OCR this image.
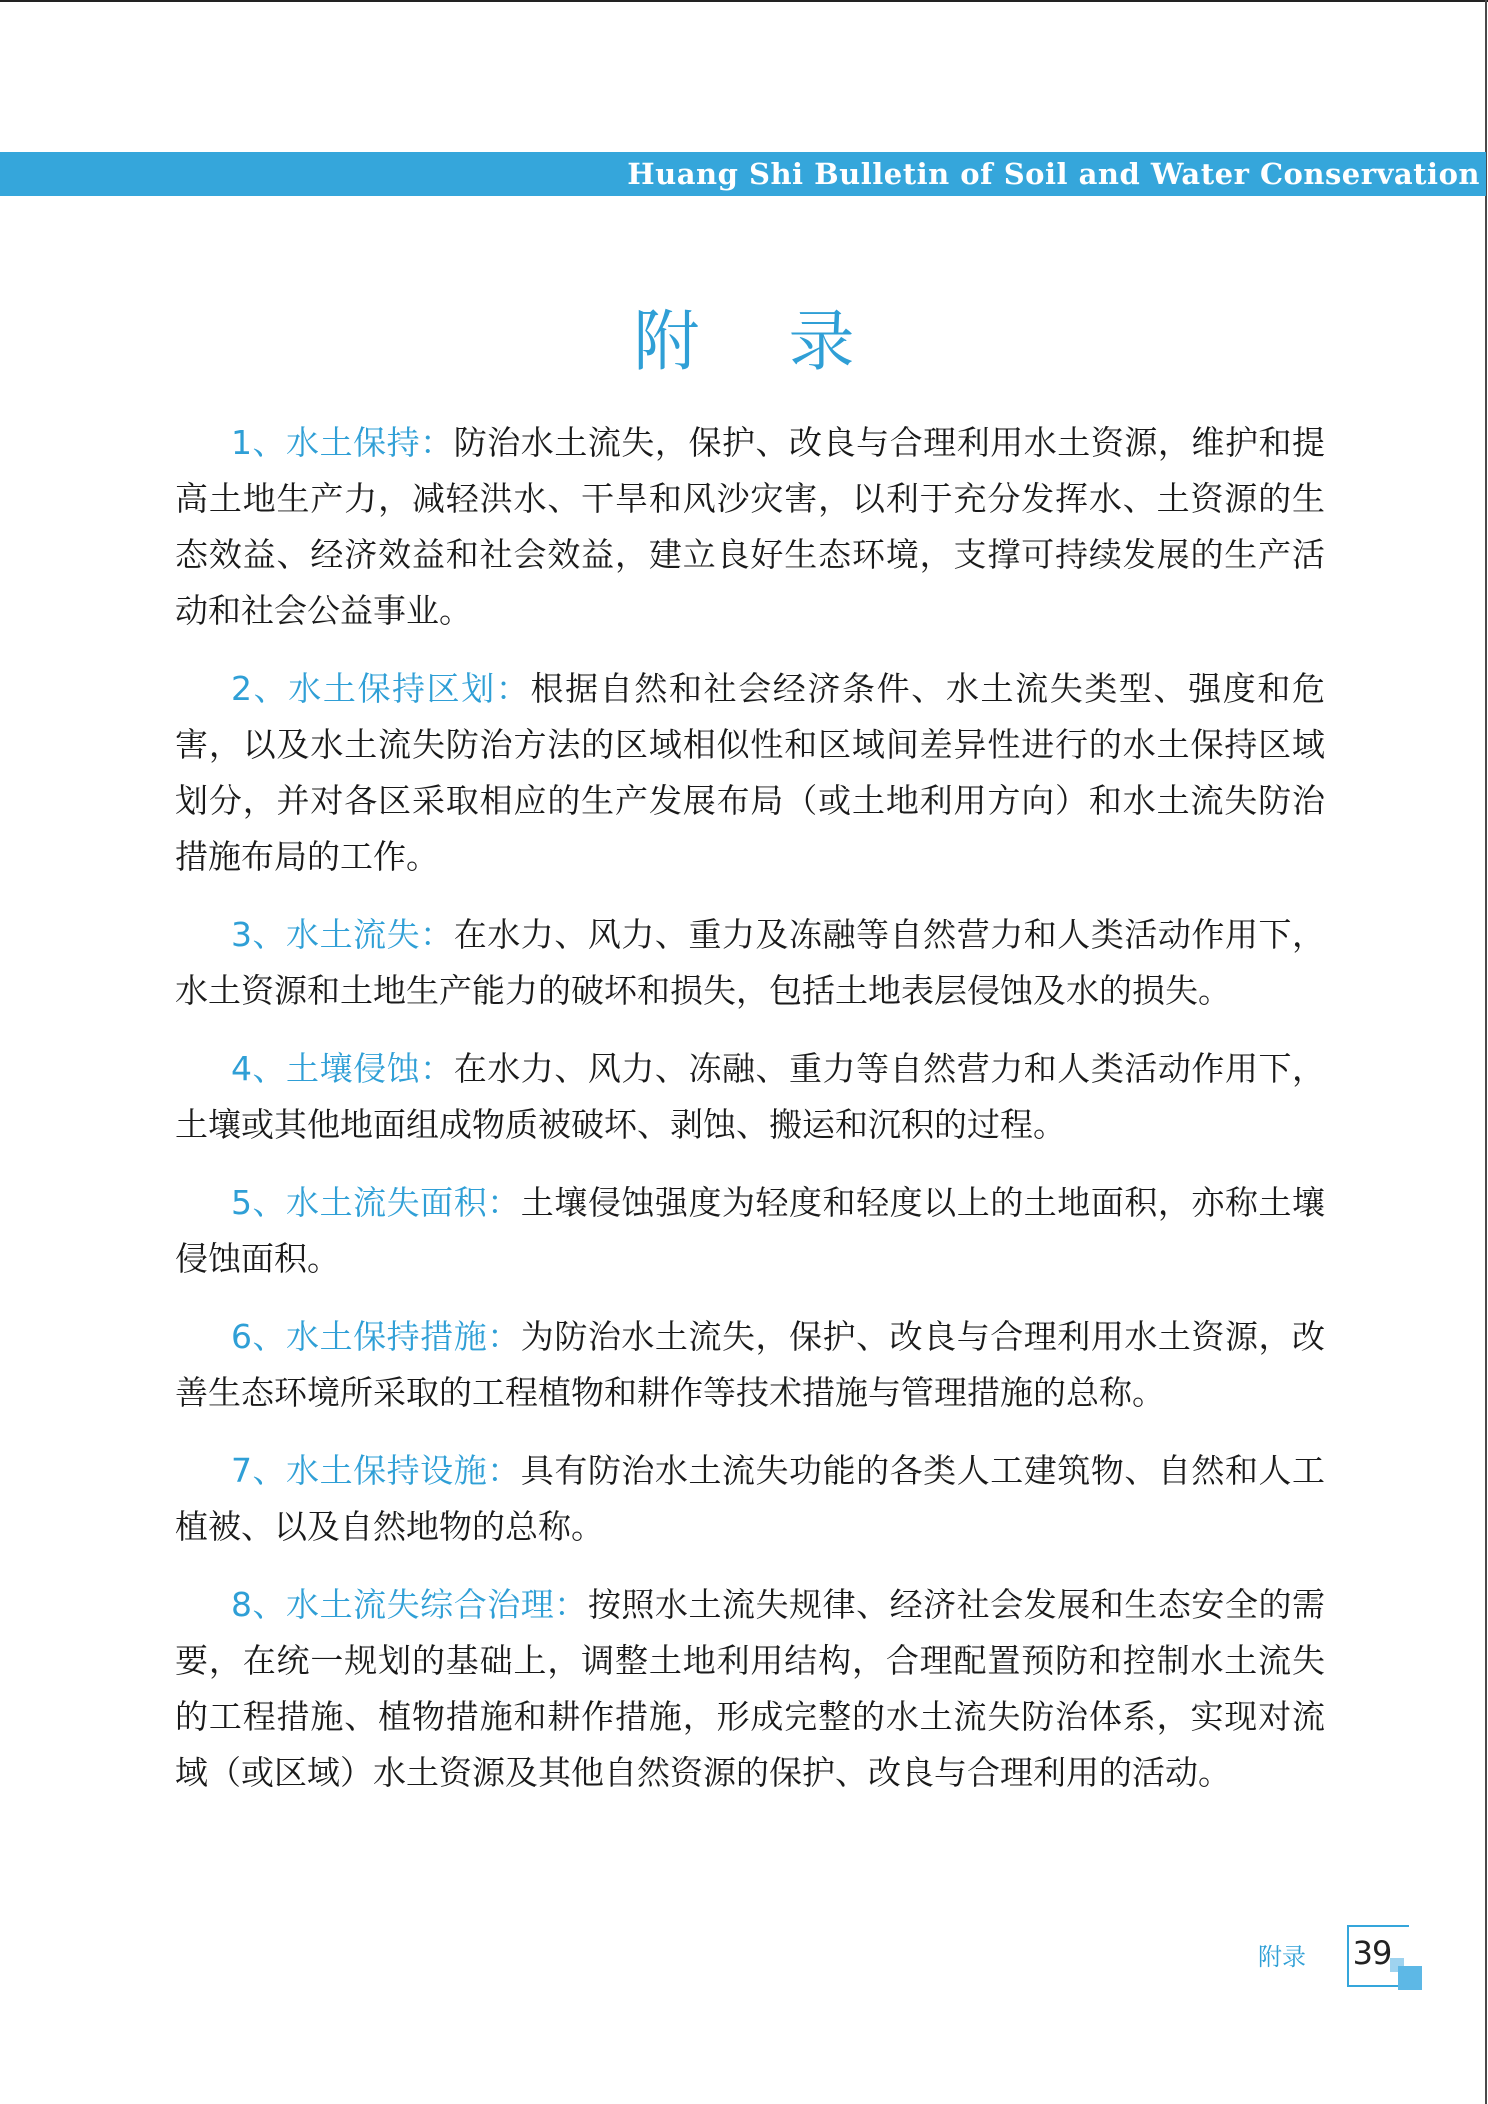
Huang Shi Bulletin of Soil and Water Conservation
附 录

1、水土保持：防治水土流失，保护、改良与合理利用水土资源，维护和提高土地生产力，减轻洪水、干旱和风沙灾害，以利于充分发挥水、土资源的生态效益、经济效益和社会效益，建立良好生态环境，支撑可持续发展的生产活动和社会公益事业。

2、水土保持区划：根据自然和社会经济条件、水土流失类型、强度和危害，以及水土流失防治方法的区域相似性和区域间差异性进行的水土保持区域划分，并对各区采取相应的生产发展布局（或土地利用方向）和水土流失防治措施布局的工作。

3、水土流失：在水力、风力、重力及冻融等自然营力和人类活动作用下，水土资源和土地生产能力的破坏和损失，包括土地表层侵蚀及水的损失。

4、土壤侵蚀：在水力、风力、冻融、重力等自然营力和人类活动作用下，土壤或其他地面组成物质被破坏、剥蚀、搬运和沉积的过程。

5、水土流失面积：土壤侵蚀强度为轻度和轻度以上的土地面积，亦称土壤侵蚀面积。

6、水土保持措施：为防治水土流失，保护、改良与合理利用水土资源，改善生态环境所采取的工程植物和耕作等技术措施与管理措施的总称。

7、水土保持设施：具有防治水土流失功能的各类人工建筑物、自然和人工植被、以及自然地物的总称。

8、水土流失综合治理：按照水土流失规律、经济社会发展和生态安全的需要，在统一规划的基础上，调整土地利用结构，合理配置预防和控制水土流失的工程措施、植物措施和耕作措施，形成完整的水土流失防治体系，实现对流域（或区域）水土资源及其他自然资源的保护、改良与合理利用的活动。

附录	39
